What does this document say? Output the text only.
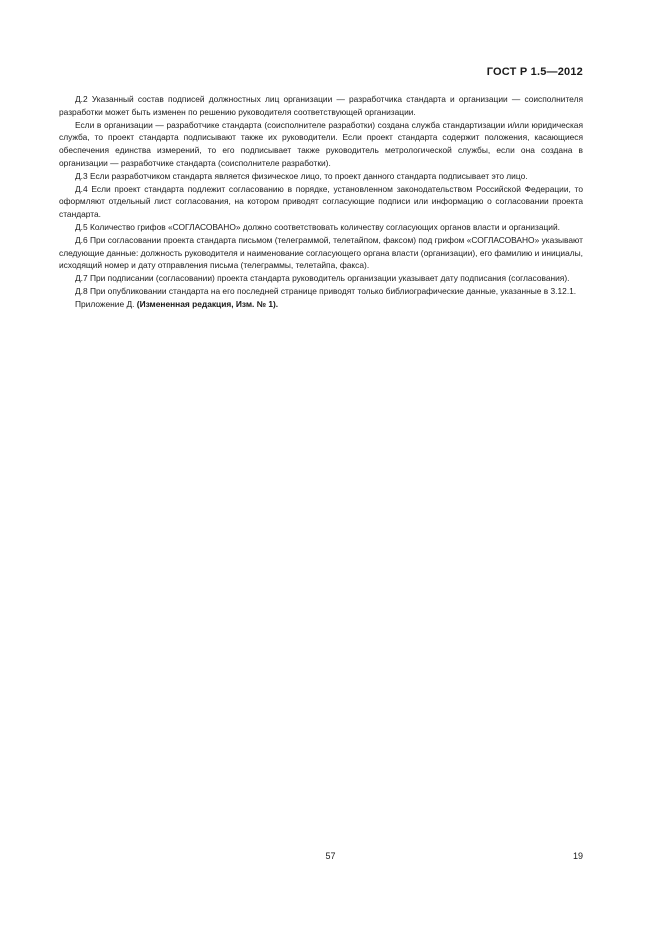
ГОСТ Р 1.5—2012

Д.2 Указанный состав подписей должностных лиц организации — разработчика стандарта и организации — соисполнителя разработки может быть изменен по решению руководителя соответствующей организации.

Если в организации — разработчике стандарта (соисполнителе разработки) создана служба стандартизации и/или юридическая служба, то проект стандарта подписывают также их руководители. Если проект стандарта содержит положения, касающиеся обеспечения единства измерений, то его подписывает также руководитель метрологической службы, если она создана в организации — разработчике стандарта (соисполнителе разработки).

Д.3 Если разработчиком стандарта является физическое лицо, то проект данного стандарта подписывает это лицо.

Д.4 Если проект стандарта подлежит согласованию в порядке, установленном законодательством Российской Федерации, то оформляют отдельный лист согласования, на котором приводят согласующие подписи или информацию о согласовании проекта стандарта.

Д.5 Количество грифов «СОГЛАСОВАНО» должно соответствовать количеству согласующих органов власти и организаций.

Д.6 При согласовании проекта стандарта письмом (телеграммой, телетайпом, факсом) под грифом «СОГЛАСОВАНО» указывают следующие данные: должность руководителя и наименование согласующего органа власти (организации), его фамилию и инициалы, исходящий номер и дату отправления письма (телеграммы, телетайпа, факса).

Д.7 При подписании (согласовании) проекта стандарта руководитель организации указывает дату подписания (согласования).

Д.8 При опубликовании стандарта на его последней странице приводят только библиографические данные, указанные в 3.12.1.

Приложение Д. (Измененная редакция, Изм. № 1).

57	19
